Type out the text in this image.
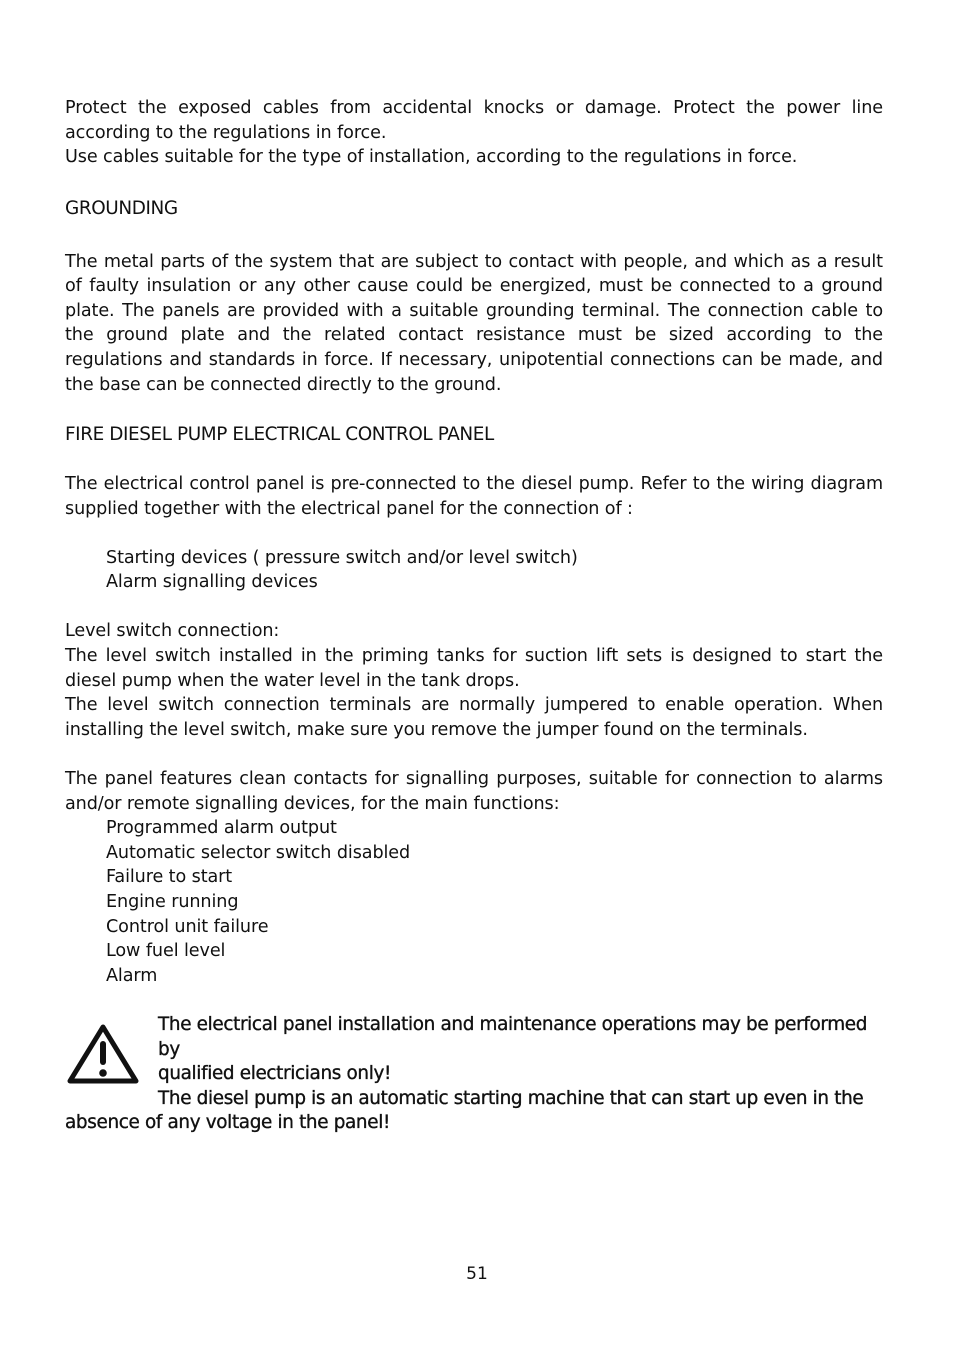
Protect the exposed cables from accidental knocks or damage. Protect the power line according to the regulations in force.

Use cables suitable for the type of installation, according to the regulations in force.

GROUNDING

The metal parts of the system that are subject to contact with people, and which as a result of faulty insulation or any other cause could be energized, must be connected to a ground plate. The panels are provided with a suitable grounding terminal. The connection cable to the ground plate and the related contact resistance must be sized according to the regulations and standards in force. If necessary, unipotential connections can be made, and the base can be connected directly to the ground.

FIRE DIESEL PUMP ELECTRICAL CONTROL PANEL

The electrical control panel is pre-connected to the diesel pump. Refer to the wiring diagram supplied together with the electrical panel for the connection of :

Starting devices ( pressure switch and/or level switch)
Alarm signalling devices

Level switch connection:

The level switch installed in the priming tanks for suction lift sets is designed to start the diesel pump when the water level in the tank drops.

The level switch connection terminals are normally jumpered to enable operation. When installing the level switch, make sure you remove the jumper found on the terminals.

The panel features clean contacts for signalling purposes, suitable for connection to alarms and/or remote signalling devices, for the main functions:

Programmed alarm output
Automatic selector switch disabled
Failure to start
Engine running
Control unit failure
Low fuel level
Alarm
The electrical panel installation and maintenance operations may be performed by
qualified electricians only!
The diesel pump is an automatic starting machine that can start up even in the
absence of any voltage in the panel!
51
